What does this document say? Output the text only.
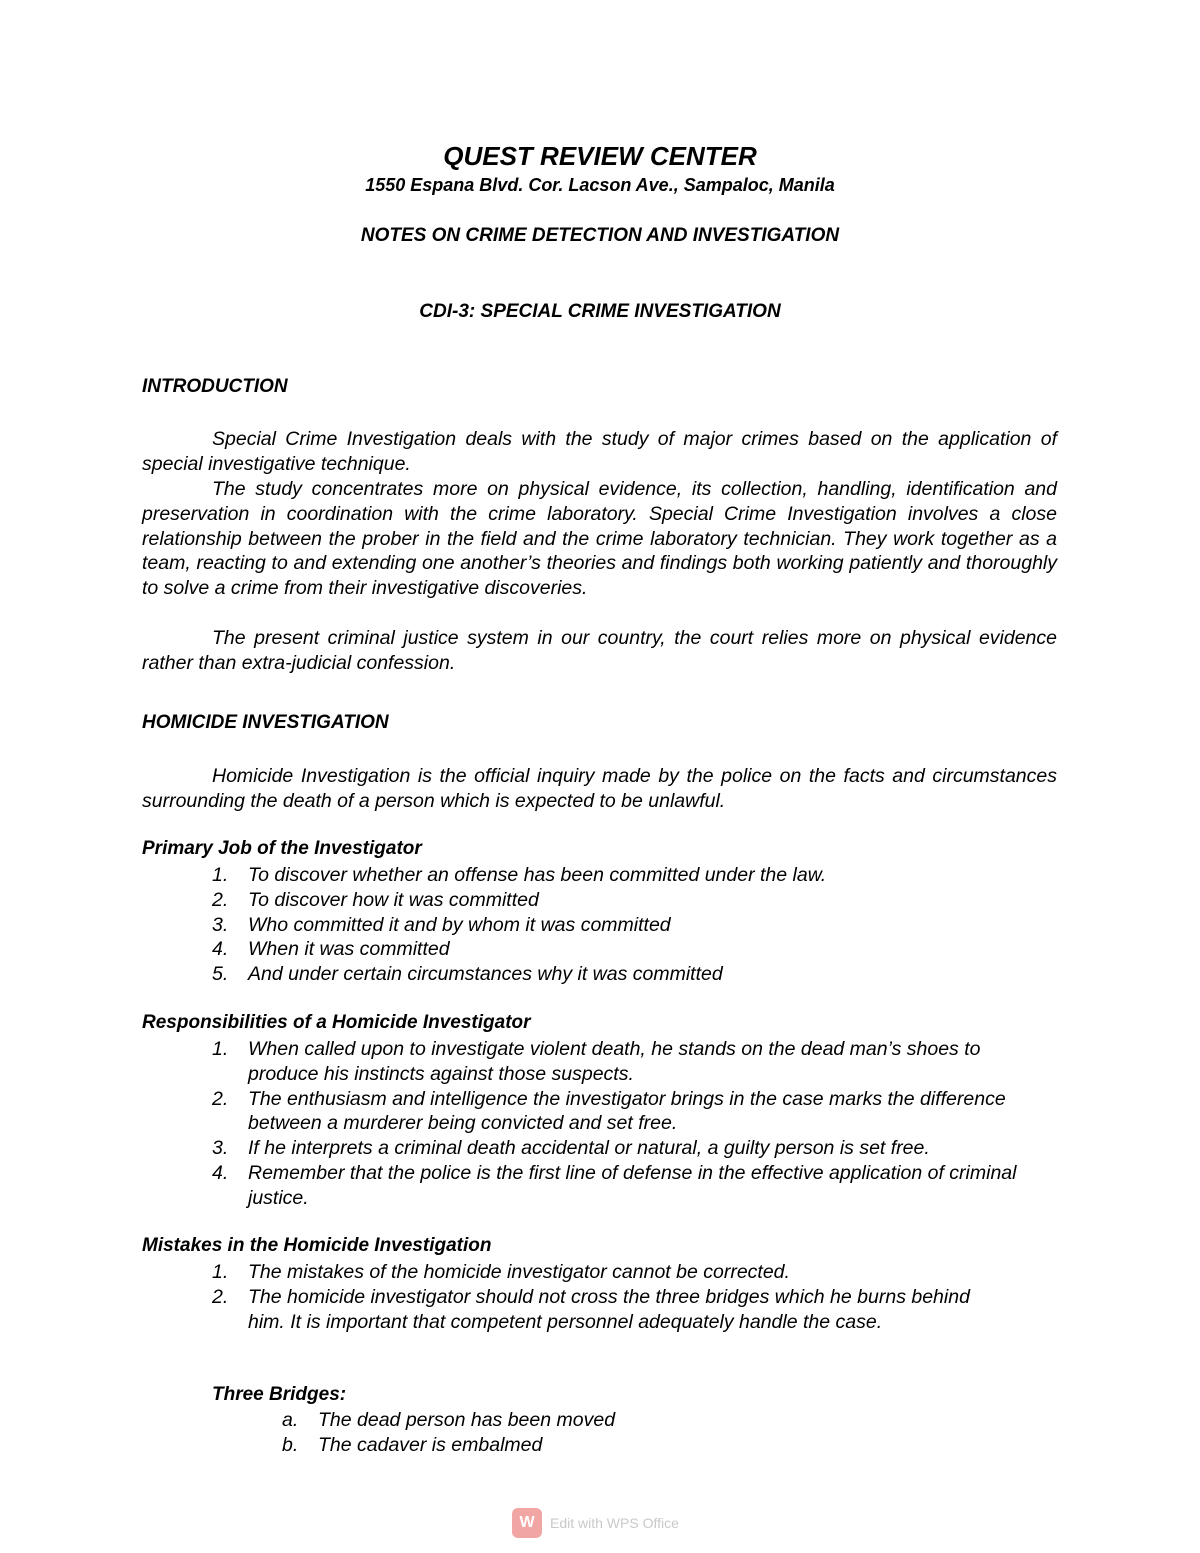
QUEST REVIEW CENTER
1550 Espana Blvd. Cor. Lacson Ave., Sampaloc, Manila
NOTES ON CRIME DETECTION AND INVESTIGATION
CDI-3: SPECIAL CRIME INVESTIGATION
INTRODUCTION
Special Crime Investigation deals with the study of major crimes based on the application of special investigative technique.
The study concentrates more on physical evidence, its collection, handling, identification and preservation in coordination with the crime laboratory. Special Crime Investigation involves a close relationship between the prober in the field and the crime laboratory technician. They work together as a team, reacting to and extending one another’s theories and findings both working patiently and thoroughly to solve a crime from their investigative discoveries.
The present criminal justice system in our country, the court relies more on physical evidence rather than extra-judicial confession.
HOMICIDE INVESTIGATION
Homicide Investigation is the official inquiry made by the police on the facts and circumstances surrounding the death of a person which is expected to be unlawful.
Primary Job of the Investigator
1. To discover whether an offense has been committed under the law.
2. To discover how it was committed
3. Who committed it and by whom it was committed
4. When it was committed
5. And under certain circumstances why it was committed
Responsibilities of a Homicide Investigator
1. When called upon to investigate violent death, he stands on the dead man’s shoes to produce his instincts against those suspects.
2. The enthusiasm and intelligence the investigator brings in the case marks the difference between a murderer being convicted and set free.
3. If he interprets a criminal death accidental or natural, a guilty person is set free.
4. Remember that the police is the first line of defense in the effective application of criminal justice.
Mistakes in the Homicide Investigation
1. The mistakes of the homicide investigator cannot be corrected.
2. The homicide investigator should not cross the three bridges which he burns behind him. It is important that competent personnel adequately handle the case.
Three Bridges:
a. The dead person has been moved
b. The cadaver is embalmed
W	Edit with WPS Office
